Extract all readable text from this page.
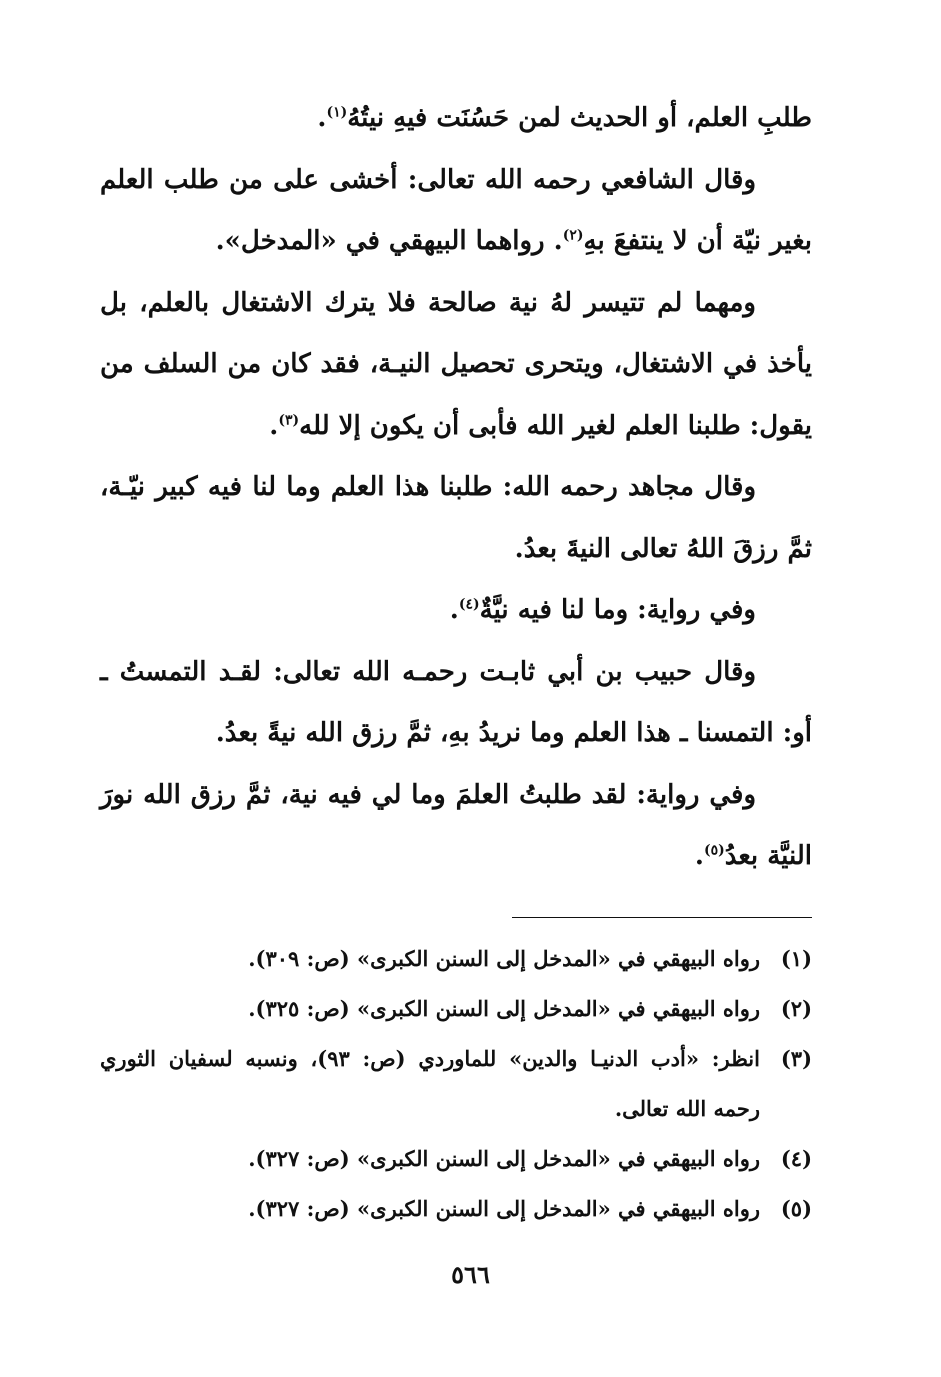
طلبِ العلم، أو الحديث لمن حَسُنَت فيهِ نيتُهُ$^{(١)}$.

وقال الشافعي رحمه الله تعالى: أخشى على من طلب العلم بغير نيّة أن لا ينتفعَ بهِ$^{(٢)}$. رواهما البيهقي في «المدخل».

ومهما لم تتيسر لهُ نية صالحة فلا يترك الاشتغال بالعلم، بل يأخذ في الاشتغال، ويتحرى تحصيل النيـة، فقد كان من السلف من يقول: طلبنا العلم لغير الله فأبى أن يكون إلا لله$^{(٣)}$.

وقال مجاهد رحمه الله: طلبنا هذا العلم وما لنا فيه كبير نيّـة، ثمَّ رزقَ اللهُ تعالى النيةَ بعدُ.

وفي رواية: وما لنا فيه نيَّةٌ$^{(٤)}$.

وقال حبيب بن أبي ثابـت رحمـه الله تعالى: لقـد التمستُ ـ أو: التمسنا ـ هذا العلم وما نريدُ بهِ، ثمَّ رزق الله نيةً بعدُ.

وفي رواية: لقد طلبتُ العلمَ وما لي فيه نية، ثمَّ رزق الله نورَ النيَّة بعدُ$^{(٥)}$.

(١)
رواه البيهقي في «المدخل إلى السنن الكبرى» (ص: ٣٠٩).
(٢)
رواه البيهقي في «المدخل إلى السنن الكبرى» (ص: ٣٢٥).
(٣)
انظر: «أدب الدنيـا والدين» للماوردي (ص: ٩٣)، ونسبه لسفيان الثوري رحمه الله تعالى.
(٤)
رواه البيهقي في «المدخل إلى السنن الكبرى» (ص: ٣٢٧).
(٥)
رواه البيهقي في «المدخل إلى السنن الكبرى» (ص: ٣٢٧).
٥٦٦
